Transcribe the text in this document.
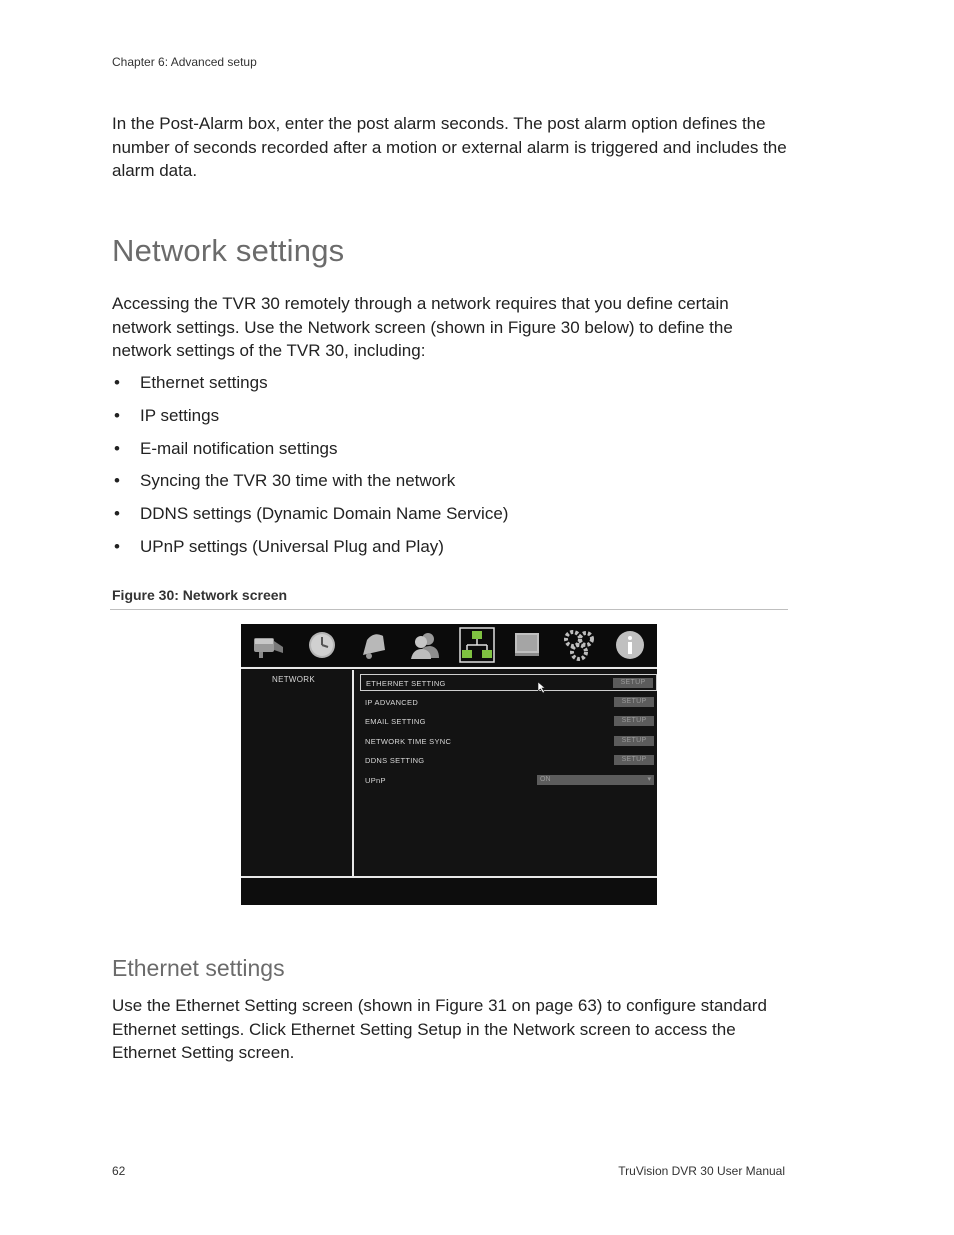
Chapter 6: Advanced setup

In the Post-Alarm box, enter the post alarm seconds. The post alarm option defines the number of seconds recorded after a motion or external alarm is triggered and includes the alarm data.

Network settings

Accessing the TVR 30 remotely through a network requires that you define certain network settings. Use the Network screen (shown in Figure 30 below) to define the network settings of the TVR 30, including:

• Ethernet settings
• IP settings
• E-mail notification settings
• Syncing the TVR 30 time with the network
• DDNS settings (Dynamic Domain Name Service)
• UPnP settings (Universal Plug and Play)
Figure 30: Network screen
NETWORK	ETHERNET SETTING	SETUP
IP ADVANCED	SETUP
EMAIL SETTING	SETUP
NETWORK TIME SYNC	SETUP
DDNS SETTING	SETUP
UPnP	ON	▾
Ethernet settings

Use the Ethernet Setting screen (shown in Figure 31 on page 63) to configure standard Ethernet settings. Click Ethernet Setting Setup in the Network screen to access the Ethernet Setting screen.

62	TruVision DVR 30 User Manual
